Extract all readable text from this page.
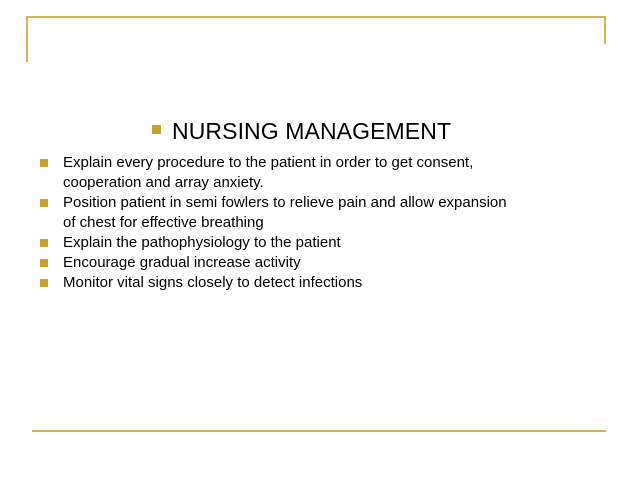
NURSING MANAGEMENT
Explain every procedure to the patient in order to get consent,
cooperation and array anxiety.
Position patient in semi fowlers to relieve pain and allow expansion
of chest for effective breathing
Explain the pathophysiology to the patient
Encourage gradual increase activity
Monitor vital signs closely to detect infections
